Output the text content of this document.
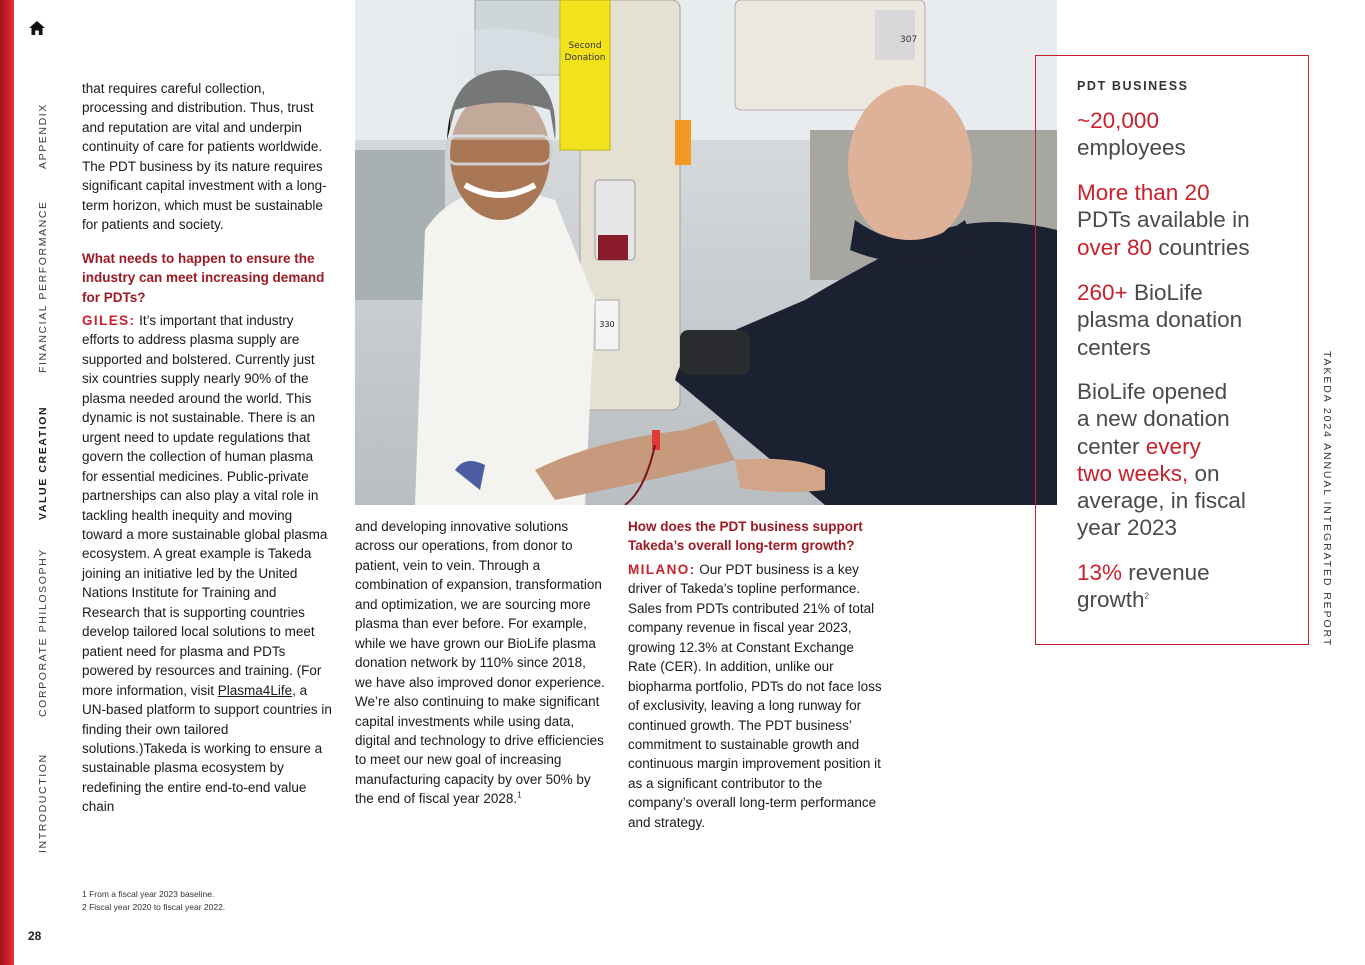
APPENDIX
FINANCIAL PERFORMANCE
VALUE CREATION
CORPORATE PHILOSOPHY
INTRODUCTION
28

that requires careful collection, processing and distribution. Thus, trust and reputation are vital and underpin continuity of care for patients worldwide. The PDT business by its nature requires significant capital investment with a long-term horizon, which must be sustainable for patients and society.

What needs to happen to ensure the industry can meet increasing demand for PDTs?

GILES: It’s important that industry efforts to address plasma supply are supported and bolstered. Currently just six countries supply nearly 90% of the plasma needed around the world. This dynamic is not sustainable. There is an urgent need to update regulations that govern the collection of human plasma for essential medicines. Public-private partnerships can also play a vital role in tackling health inequity and moving toward a more sustainable global plasma ecosystem. A great example is Takeda joining an initiative led by the United Nations Institute for Training and Research that is supporting countries develop tailored local solutions to meet patient need for plasma and PDTs powered by resources and training. (For more information, visit Plasma4Life, a UN-based platform to support countries in finding their own tailored solutions.)Takeda is working to ensure a sustainable plasma ecosystem by redefining the entire end-to-end value chain

1 From a fiscal year 2023 baseline.
2 Fiscal year 2020 to fiscal year 2022.
307
Second
Donation
330

and developing innovative solutions across our operations, from donor to patient, vein to vein. Through a combination of expansion, transformation and optimization, we are sourcing more plasma than ever before. For example, while we have grown our BioLife plasma donation network by 110% since 2018, we have also improved donor experience. We’re also continuing to make significant capital investments while using data, digital and technology to drive efficiencies to meet our new goal of increasing manufacturing capacity by over 50% by the end of fiscal year 2028.$^1$

How does the PDT business support Takeda’s overall long-term growth?

MILANO: Our PDT business is a key driver of Takeda’s topline performance. Sales from PDTs contributed 21% of total company revenue in fiscal year 2023, growing 12.3% at Constant Exchange Rate (CER). In addition, unlike our biopharma portfolio, PDTs do not face loss of exclusivity, leaving a long runway for continued growth. The PDT business’ commitment to sustainable growth and continuous margin improvement position it as a significant contributor to the company’s overall long-term performance and strategy.

PDT BUSINESS
~20,000
employees
More than 20
PDTs available in
over 80 countries
260+ BioLife
plasma donation
centers
BioLife opened
a new donation
center every
two weeks, on
average, in fiscal
year 2023
13% revenue
growth$^2$	TAKEDA 2024 ANNUAL INTEGRATED REPORT
